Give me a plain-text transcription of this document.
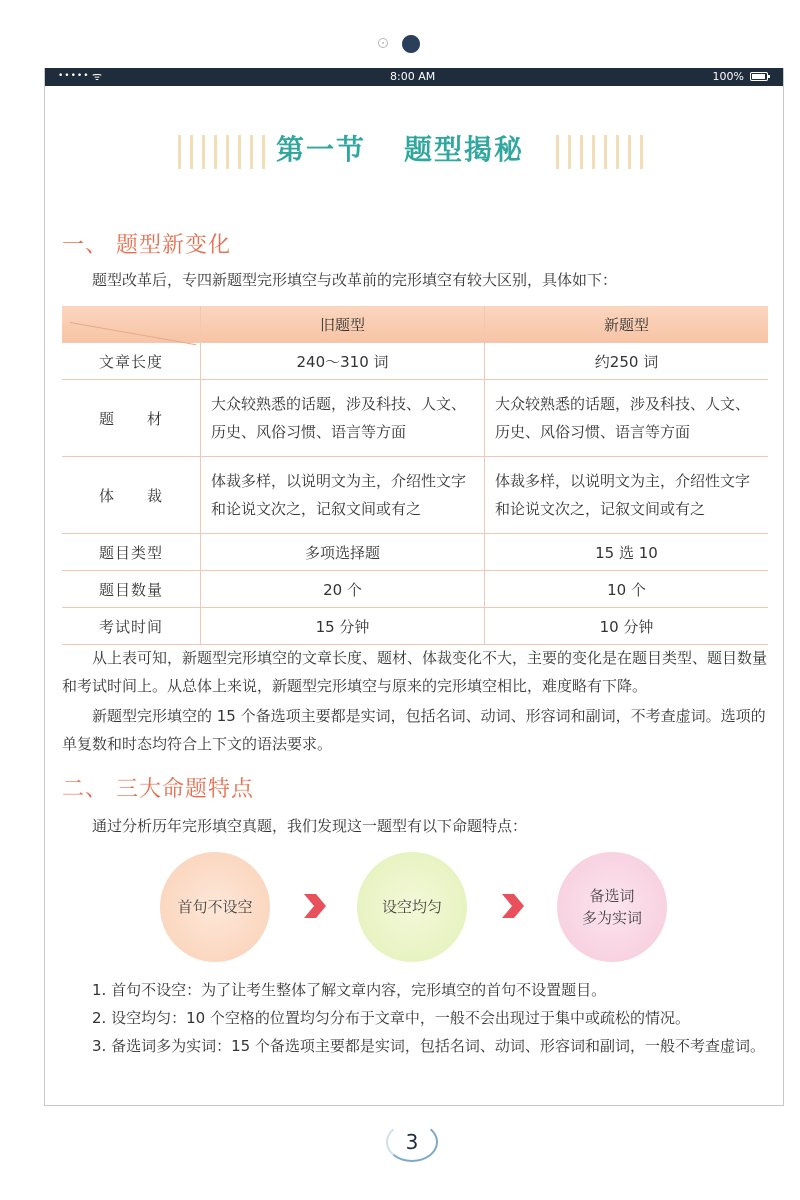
••••• ᯤ	8:00 AM	100%
第一节 题型揭秘
一、 题型新变化
题型改革后，专四新题型完形填空与改革前的完形填空有较大区别，具体如下：
	旧题型	新题型
文章长度	240～310 词	约250 词
题　　材	大众较熟悉的话题，涉及科技、人文、历史、风俗习惯、语言等方面	大众较熟悉的话题，涉及科技、人文、历史、风俗习惯、语言等方面
体　　裁	体裁多样，以说明文为主，介绍性文字和论说文次之，记叙文间或有之	体裁多样，以说明文为主，介绍性文字和论说文次之，记叙文间或有之
题目类型	多项选择题	15 选 10
题目数量	20 个	10 个
考试时间	15 分钟	10 分钟
从上表可知，新题型完形填空的文章长度、题材、体裁变化不大，主要的变化是在题目类型、题目数量和考试时间上。从总体上来说，新题型完形填空与原来的完形填空相比，难度略有下降。
新题型完形填空的 15 个备选项主要都是实词，包括名词、动词、形容词和副词，不考查虚词。选项的单复数和时态均符合上下文的语法要求。
二、 三大命题特点
通过分析历年完形填空真题，我们发现这一题型有以下命题特点：
首句不设空	设空均匀
备选词
多为实词
1. 首句不设空：为了让考生整体了解文章内容，完形填空的首句不设置题目。
2. 设空均匀：10 个空格的位置均匀分布于文章中，一般不会出现过于集中或疏松的情况。
3. 备选词多为实词：15 个备选项主要都是实词，包括名词、动词、形容词和副词，一般不考查虚词。
3
